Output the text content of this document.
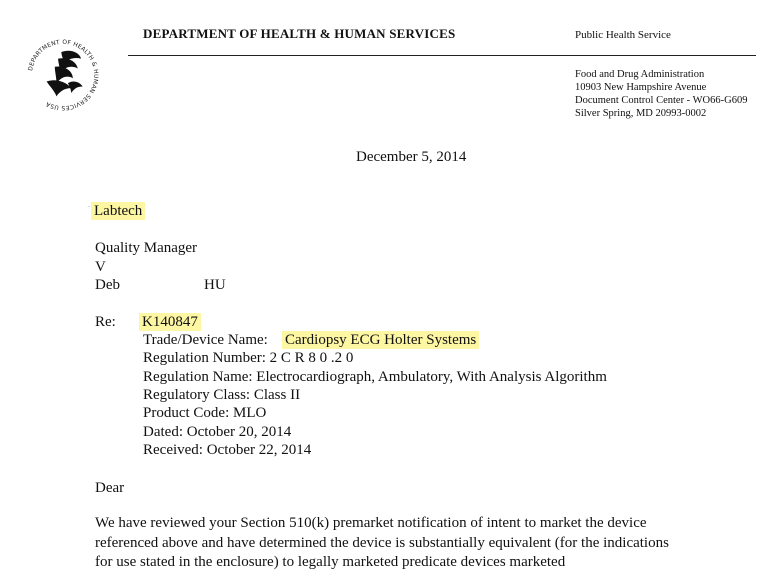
DEPARTMENT OF HEALTH & HUMAN SERVICES USA
DEPARTMENT OF HEALTH & HUMAN SERVICES	Public Health Service
Food and Drug Administration
10903 New Hampshire Avenue
Document Control Center - WO66-G609
Silver Spring, MD 20993-0002
December 5, 2014
. Labtech
Quality Manager
V
Deb	HU
Re: K140847
Trade/Device Name: Cardiopsy ECG Holter Systems
Regulation Number: 2 C R 8 0 .2 0
Regulation Name: Electrocardiograph, Ambulatory, With Analysis Algorithm
Regulatory Class: Class II
Product Code: MLO
Dated: October 20, 2014
Received: October 22, 2014
Dear
We have reviewed your Section 510(k) premarket notification of intent to market the device
referenced above and have determined the device is substantially equivalent (for the indications
for use stated in the enclosure) to legally marketed predicate devices marketed
